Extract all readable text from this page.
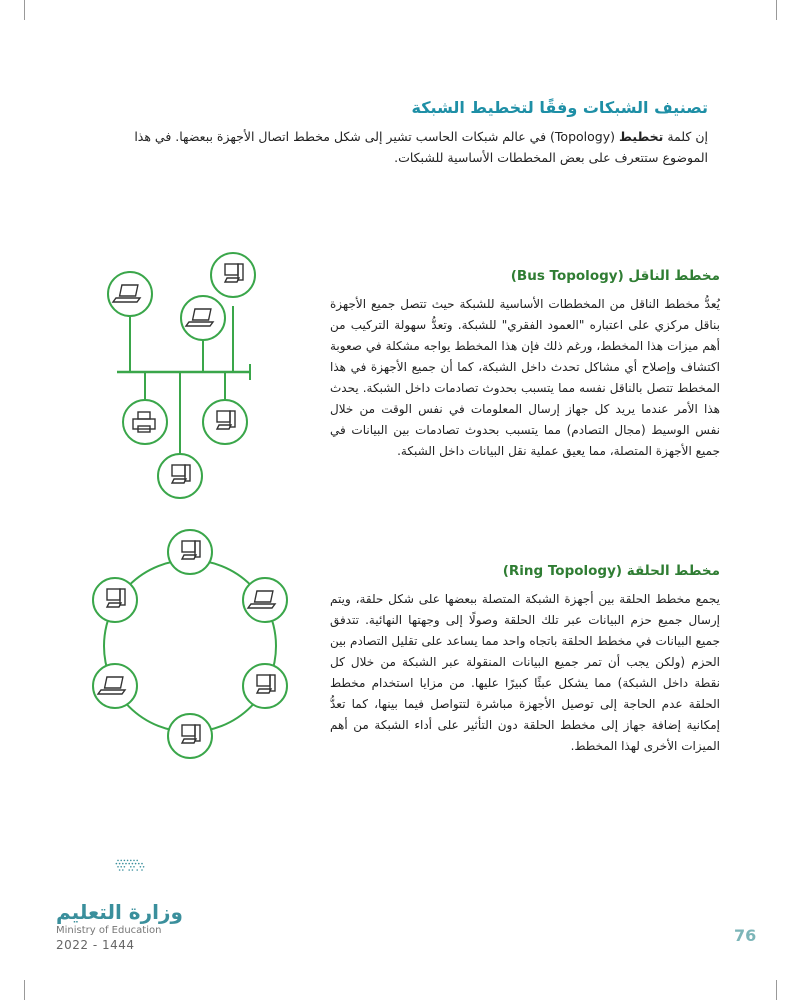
تصنيف الشبكات وفقًا لتخطيط الشبكة
إن كلمة تخطيط (Topology) في عالم شبكات الحاسب تشير إلى شكل مخطط اتصال الأجهزة ببعضها. في هذا الموضوع ستتعرف على بعض المخططات الأساسية للشبكات.
مخطط الناقل (Bus Topology)
يُعدُّ مخطط الناقل من المخططات الأساسية للشبكة حيث تتصل جميع الأجهزة بناقل مركزي على اعتباره "العمود الفقري" للشبكة. وتعدُّ سهولة التركيب من أهم ميزات هذا المخطط، ورغم ذلك فإن هذا المخطط يواجه مشكلة في صعوبة اكتشاف وإصلاح أي مشاكل تحدث داخل الشبكة، كما أن جميع الأجهزة في هذا المخطط تتصل بالناقل نفسه مما يتسبب بحدوث تصادمات داخل الشبكة. يحدث هذا الأمر عندما يريد كل جهاز إرسال المعلومات في نفس الوقت من خلال نفس الوسيط (مجال التصادم) مما يتسبب بحدوث تصادمات بين البيانات في جميع الأجهزة المتصلة، مما يعيق عملية نقل البيانات داخل الشبكة.
مخطط الحلقة (Ring Topology)
يجمع مخطط الحلقة بين أجهزة الشبكة المتصلة ببعضها على شكل حلقة، ويتم إرسال جميع حزم البيانات عبر تلك الحلقة وصولًا إلى وجهتها النهائية. تتدفق جميع البيانات في مخطط الحلقة باتجاه واحد مما يساعد على تقليل التصادم بين الحزم (ولكن يجب أن تمر جميع البيانات المنقولة عبر الشبكة من خلال كل نقطة داخل الشبكة) مما يشكل عبئًا كبيرًا عليها. من مزايا استخدام مخطط الحلقة عدم الحاجة إلى توصيل الأجهزة مباشرة لتتواصل فيما بينها، كما تعدُّ إمكانية إضافة جهاز إلى مخطط الحلقة دون التأثير على أداء الشبكة من أهم الميزات الأخرى لهذا المخطط.
وزارة التعليم
Ministry of Education
2022 - 1444	76
